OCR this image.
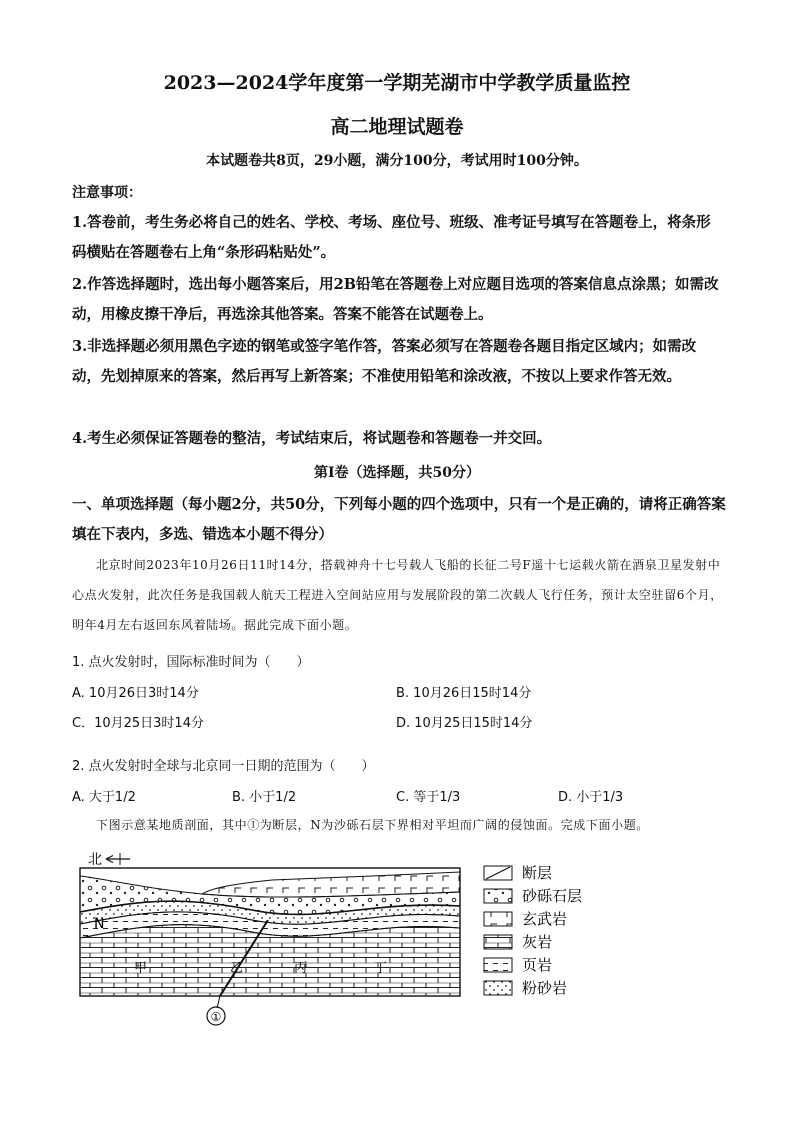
2023—2024学年度第一学期芜湖市中学教学质量监控
高二地理试题卷
本试题卷共8页，29小题，满分100分，考试用时100分钟。
注意事项：
1.答卷前，考生务必将自己的姓名、学校、考场、座位号、班级、准考证号填写在答题卷上，将条形码横贴在答题卷右上角“条形码粘贴处”。
2.作答选择题时，选出每小题答案后，用2B铅笔在答题卷上对应题目选项的答案信息点涂黑；如需改动，用橡皮擦干净后，再选涂其他答案。答案不能答在试题卷上。
3.非选择题必须用黑色字迹的钢笔或签字笔作答，答案必须写在答题卷各题目指定区域内；如需改动，先划掉原来的答案，然后再写上新答案；不准使用铅笔和涂改液，不按以上要求作答无效。
4.考生必须保证答题卷的整洁，考试结束后，将试题卷和答题卷一并交回。
第Ⅰ卷（选择题，共50分）
一、单项选择题（每小题2分，共50分，下列每小题的四个选项中，只有一个是正确的，请将正确答案填在下表内，多选、错选本小题不得分）
北京时间2023年10月26日11时14分，搭载神舟十七号载人飞船的长征二号F遥十七运载火箭在酒泉卫星发射中心点火发射，此次任务是我国载人航天工程进入空间站应用与发展阶段的第二次载人飞行任务，预计太空驻留6个月，明年4月左右返回东风着陆场。据此完成下面小题。
1. 点火发射时，国际标准时间为（　　）
A. 10月26日3时14分	B. 10月26日15时14分
C．10月25日3时14分	D. 10月25日15时14分
2. 点火发射时全球与北京同一日期的范围为（　　）
A. 大于1/2	B. 小于1/2	C. 等于1/3	D. 小于1/3
下图示意某地质剖面，其中①为断层，N为沙砾石层下界相对平坦而广阔的侵蚀面。完成下面小题。
北
N
甲	乙	丙	丁
①
断层
砂砾石层
玄武岩
灰岩
页岩
粉砂岩
